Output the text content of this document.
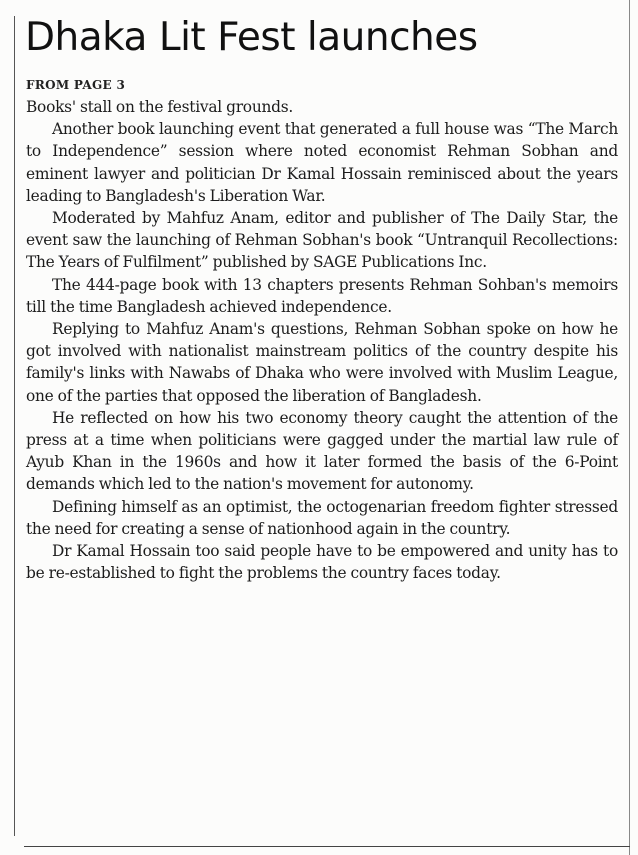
Dhaka Lit Fest launches
FROM PAGE 3

Books' stall on the festival grounds.

Another book launching event that generated a full house was “The March to Independence” session where noted economist Rehman Sobhan and eminent lawyer and politician Dr Kamal Hossain reminisced about the years leading to Bangladesh's Liberation War.

Moderated by Mahfuz Anam, editor and publisher of The Daily Star, the event saw the launching of Rehman Sobhan's book “Untranquil Recollections: The Years of Fulfilment” published by SAGE Publications Inc.

The 444-page book with 13 chapters presents Rehman Sohban's memoirs till the time Bangladesh achieved independence.

Replying to Mahfuz Anam's questions, Rehman Sobhan spoke on how he got involved with nationalist mainstream politics of the country despite his family's links with Nawabs of Dhaka who were involved with Muslim League, one of the parties that opposed the liberation of Bangladesh.

He reflected on how his two economy theory caught the attention of the press at a time when politicians were gagged under the martial law rule of Ayub Khan in the 1960s and how it later formed the basis of the 6-Point demands which led to the nation's movement for autonomy.

Defining himself as an optimist, the octogenarian freedom fighter stressed the need for creating a sense of nationhood again in the country.

Dr Kamal Hossain too said people have to be empowered and unity has to be re-established to fight the problems the country faces today.
